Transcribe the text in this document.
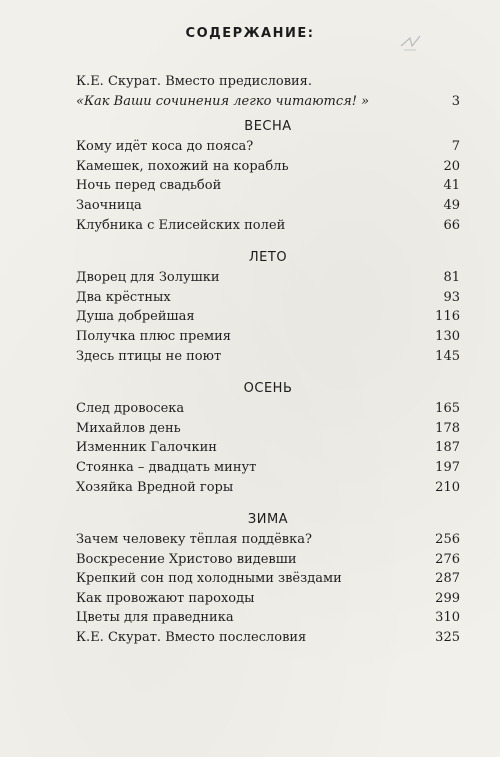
СОДЕРЖАНИЕ:
К.Е. Скурат. Вместо предисловия.
«Как Ваши сочинения легко читаются! »	3
ВЕСНА
Кому идёт коса до пояса?	7
Камешек, похожий на корабль	20
Ночь перед свадьбой	41
Заочница	49
Клубника с Елисейских полей	66
ЛЕТО
Дворец для Золушки	81
Два крёстных	93
Душа добрейшая	116
Получка плюс премия	130
Здесь птицы не поют	145
ОСЕНЬ
След дровосека	165
Михайлов день	178
Изменник Галочкин	187
Стоянка – двадцать минут	197
Хозяйка Вредной горы	210
ЗИМА
Зачем человеку тёплая поддёвка?	256
Воскресение Христово видевши	276
Крепкий сон под холодными звёздами	287
Как провожают пароходы	299
Цветы для праведника	310
К.Е. Скурат. Вместо послесловия	325
